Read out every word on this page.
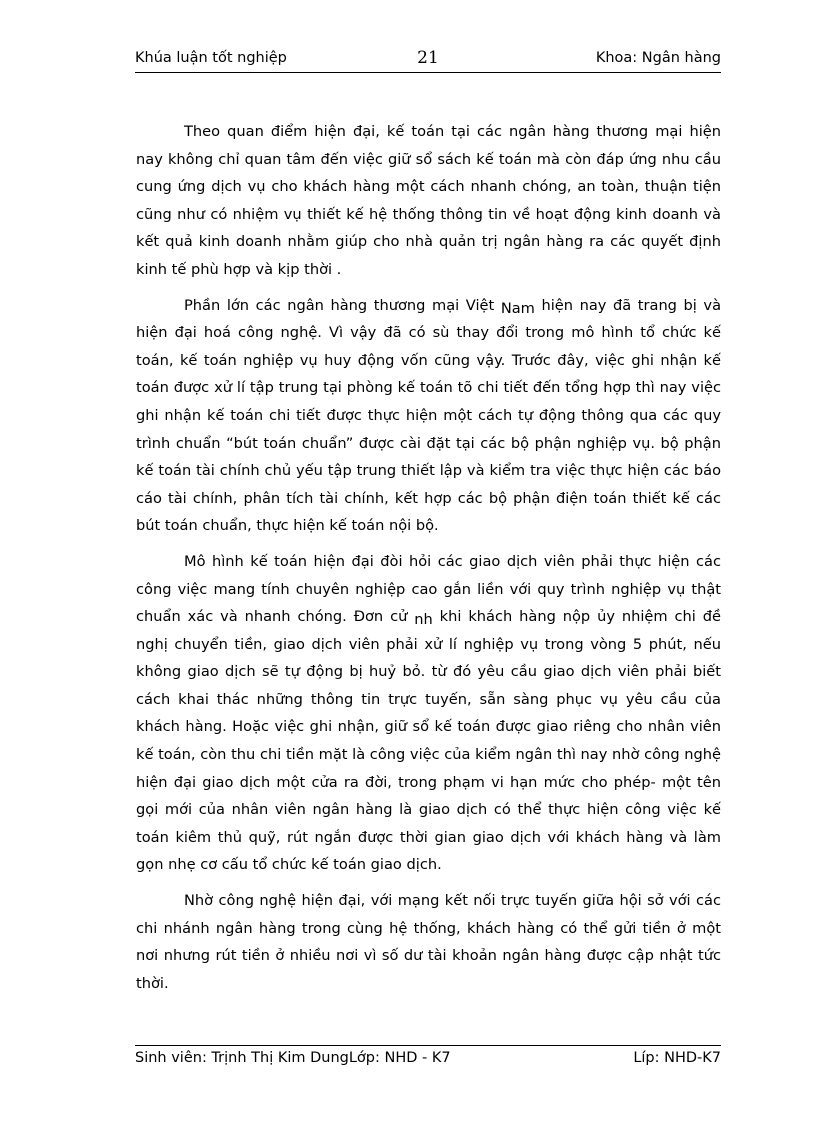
Khúa luận tốt nghiệp	21	Khoa: Ngân hàng

Theo quan điểm hiện đại, kế toán tại các ngân hàng thương mại hiện nay không chỉ quan tâm đến việc giữ sổ sách kế toán mà còn đáp ứng nhu cầu cung ứng dịch vụ cho khách hàng một cách nhanh chóng, an toàn, thuận tiện cũng như có nhiệm vụ thiết kế hệ thống thông tin về hoạt động kinh doanh và kết quả kinh doanh nhằm giúp cho nhà quản trị ngân hàng ra các quyết định kinh tế phù hợp và kịp thời .

Phần lớn các ngân hàng thương mại Việt Nam hiện nay đã trang bị và hiện đại hoá công nghệ. Vì vậy đã có sù thay đổi trong mô hình tổ chức kế toán, kế toán nghiệp vụ huy động vốn cũng vậy. Trước đây, việc ghi nhận kế toán được xử lí tập trung tại phòng kế toán tõ chi tiết đến tổng hợp thì nay việc ghi nhận kế toán chi tiết được thực hiện một cách tự động thông qua các quy trình chuẩn “bút toán chuẩn” được cài đặt tại các bộ phận nghiệp vụ. bộ phận kế toán tài chính chủ yếu tập trung thiết lập và kiểm tra việc thực hiện các báo cáo tài chính, phân tích tài chính, kết hợp các bộ phận điện toán thiết kế các bút toán chuẩn, thực hiện kế toán nội bộ.

Mô hình kế toán hiện đại đòi hỏi các giao dịch viên phải thực hiện các công việc mang tính chuyên nghiệp cao gắn liền với quy trình nghiệp vụ thật chuẩn xác và nhanh chóng. Đơn cử nh khi khách hàng nộp ủy nhiệm chi đề nghị chuyển tiền, giao dịch viên phải xử lí nghiệp vụ trong vòng 5 phút, nếu không giao dịch sẽ tự động bị huỷ bỏ. từ đó yêu cầu giao dịch viên phải biết cách khai thác những thông tin trực tuyến, sẵn sàng phục vụ yêu cầu của khách hàng. Hoặc việc ghi nhận, giữ sổ kế toán được giao riêng cho nhân viên kế toán, còn thu chi tiền mặt là công việc của kiểm ngân thì nay nhờ công nghệ hiện đại giao dịch một cửa ra đời, trong phạm vi hạn mức cho phép- một tên gọi mới của nhân viên ngân hàng là giao dịch có thể thực hiện công việc kế toán kiêm thủ quỹ, rút ngắn được thời gian giao dịch với khách hàng và làm gọn nhẹ cơ cấu tổ chức kế toán giao dịch.

Nhờ công nghệ hiện đại, với mạng kết nối trực tuyến giữa hội sở với các chi nhánh ngân hàng trong cùng hệ thống, khách hàng có thể gửi tiền ở một nơi nhưng rút tiền ở nhiều nơi vì số dư tài khoản ngân hàng được cập nhật tức thời.

Sinh viên: Trịnh Thị Kim DungLớp: NHD - K7	Líp: NHD-K7
